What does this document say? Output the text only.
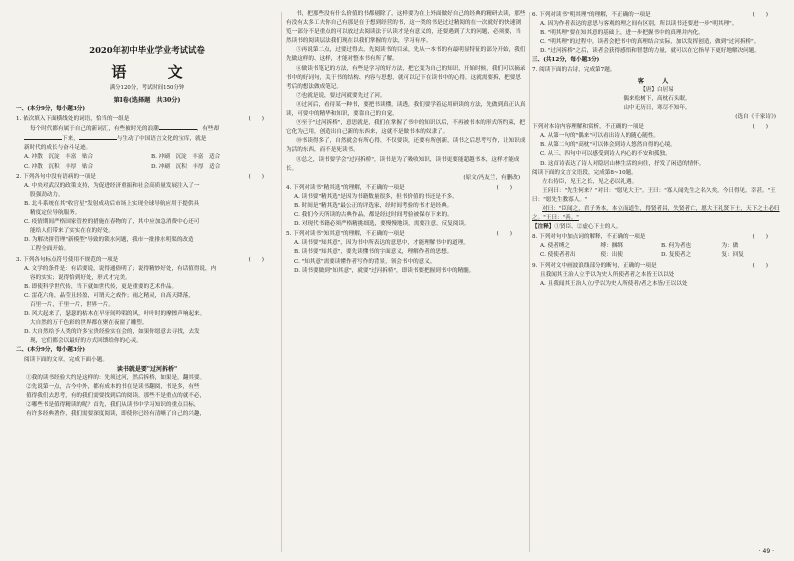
2020年初中毕业学业考试试卷
语 文
满分120分，考试时间150分钟
第Ⅰ卷(选择题　共30分)
一、(本分9分，每小题3分)
1. 依次填入下面横线处的词语，恰当的一组是	(　　)
每个时代都有属于自己的新词汇，有些被时光的浪潮	，有些却
下来，	与生动了中国语言文化的宝库，就是
新时代的成长与奋斗足迹。
A. 冲散　沉淀　丰富　贴合	B. 冲刷　沉淀　丰富　适合
C. 冲散　沉积　丰厚　贴合	D. 冲刷　沉积　丰厚　适合
2. 下列各句中没有语病的一项是	(　　)
A. 中央对武汉的政策支持，为促进经济重振和社会高质量发展注入了一
股强劲动力。
B. 北斗系统在其"收官星"发射成功后市场上实现全球导航应用于提供具
精度定位导航服务。
C. 疫情期间严格国家管控的措施在春物的了，其中应加急消费中心还可
能给人们带来了实实在在的好处。
D. 为解决拼管理"新模型"导致的锁水问题，我市一批排水明渠的改造
工程全面开始。
3. 下列各句标点符号使用不规范的一项是	(　　)
A. 文学的条件是：有话要说，说得通俗明了；说得精妙好处，有话值得说，内
容的实实；说得恰到好处，形式才完美。
B. 即使科学世代传，当下就如世代传，更是重要的艺术作品。
C. 雷花六角，晶莹且轻盈，可谓天之戏作；雨之精灵，自高天降落，
百里一片，千里一片，世界一片。
D. 风大起来了，瑟瑟的枯木在早牙间吟唱的风，叶叶时的摩擦声响起来。
大自然的万千色彩的世界都在聚在夜窗了雕塑。
D. 大自然给予人类的许多宝贵经验实在会的，如果你愿意去寻找，去发
现，它们都会以最好的方式回馈给你的心灵。
二、(本分9分，每小题3分)
阅读下面的文章，完成下面小题。
读书就是要"过河拆桥"
①我的读书经验大约是这样的：先须过河，然后拆桥，如果是，翻其要。
②先说第一点，古今中外，都有成本的书在是读书翻阅，书是多，有些
值得我们去思考，有的我们需要找到后的阅读，那些不是重点的就不必，
②哪些书是值得精读的呢？首先，我们从读书中学习知识的重点目标，
有许多经典著作，我们需要深度阅读，即使你已经有清晰了自己的兴趣，
书，把那些没有什么价值的书都剔除了，这样要为在上外面做好自己的经典的精研去读，那些有没有太多工夫你自己有那是在于想到经营的书，这一类的书是过过精阅的在一次就好的快速浏览一部分不是重点的可以放过去阅读法于认读才是有意义的，还要遇到了大的问题，必须要，当然读书的阅读层法我们现在以我们掌握的方法，学习有序。
⑤再说第二点，过要过得去。先阅读书的目录，先从一本书的有最明显特征的部分开始，我们先做这样的、这样，才能对整本书有所了解。
⑥做读书笔记的方法，有些是学习的好方法，把它变为自己的知识，开始时候，我们可以摘录书中的好词句，关于书的结构、内容与思想，就可以记下在读书中的心得，这就需要拆，把要思考后的想法做成笔记。
⑦也就是说，要过河就要先过了河。
⑧过河后，看待某一种书，要把书读懂，读透，我们要学着运用研读的方法，先做到真正认真读，可要中的精华和知识，要靠自己的自觉。
⑨至于"过河拆桥"，意思就是，我们在掌握了书中的知识以后，不再被书本的形式所约束，把它化为己用，创造出自己新的东西来，这就不是做书本的奴隶了。
⑩书读得多了，自然就会有所心得，不仅要读，还要有所创新，读书之后思考写作，让知识成为活的东西，而不是死读书。
⑪总之，读书要学会"过河拆桥"，读书是为了吸收知识，读书更要能超越书本，这样才能成长。
(原文/冯友兰，有删改)
4. 下列对读书"精其选"的理解，不正确的一项是	(　　)
A. 读书要"精其选"是因为书籍数量很多，但书价值的书还是不多。
B. 时间是"精其选"最公正的评选家，经时间考验的书才是经典。
C. 我们今天所读的古典作品，都是经过时间考验被保存下来的。
D. 对现代书籍必须严格精挑细选，要慢慢地读，需要注意，反复阅读。
5. 下列对读书"知其意"的理解，不正确的一项是	(　　)
A. 读书要"知其意"，因为书中所表达的意思中，才能理解书中的道理。
B. 读书要"知其意"，要先读懂书的字面意义，理解作者的思想。
C. "知其意"需要读懂作者写作的背景，领会书中的意义。
D. 读书要做到"知其意"，就要"过河拆桥"，即读书要把握到书中的精髓。
6. 下列对读书"明其理"的理解，不正确的一项是	(　　)
A. 因为作者表达的意思与客观的理之间有区别，所以读书还要进一步"明其理"。
B. "明其理"要在知其意的基础上，进一步把握书中的真理并内化。
C. "明其理"的过程中，读者会把书中的真理结合实际，加以发挥创造，做到"过河拆桥"。
D. "过河拆桥"之后，读者会获得感悟和智慧的力量，就可以在它指导下更好地解决问题。
三、(共12分，每小题3分)
7. 阅读下面的古诗，完成第7题。
客 人
【唐】白居易
偶来松树下，高枕石头眠。
山中无历日，寒尽不知年。
(选自《千家诗》)
下列对本诗内容理解和赏析，不正确的一项是	(　　)
A. 从第一句的"偶来"可以看出诗人的随心随性。
B. 从第二句的"高枕"可以体会到诗人悠然自得的心境。
C. 从三、四句中可以感受到诗人内心的不安和孤独。
D. 这首诗表达了诗人对隐居山林生活的向往，抒发了闲适的情怀。
阅读下面的文言文语段，完成第8~10题。
左右侍臣，见王之长，见之必以礼遇。
王问曰："先生何来？"对曰："愿见大王"。王曰："寡人闻先生之名久矣，今日得见，幸甚。"王曰："愿先生教寡人。"
对曰："臣闻之，君子务本，本立而道生，得贤者昌，失贤者亡，愿大王礼贤下士，天下之士必归之。"王曰："善。"
【注释】①贤臣。②虚心下士的人。
8. 下列对句中加点词的解释，不正确的一项是	(　　)
A. 使者缚之	缚：捆绑	B. 何为者也	为：做
C. 使使者者出	使：出使	D. 复使者之	复：回复
9. 下列对文中画波浪线部分的断句，正确的一项是	(　　)
且我闻其王治人立乎以为史人所使者者之本皆王以以处
A. 且我闻其王治人立/乎以为史人所使者/者之本皆/王以以处
· 49 ·
